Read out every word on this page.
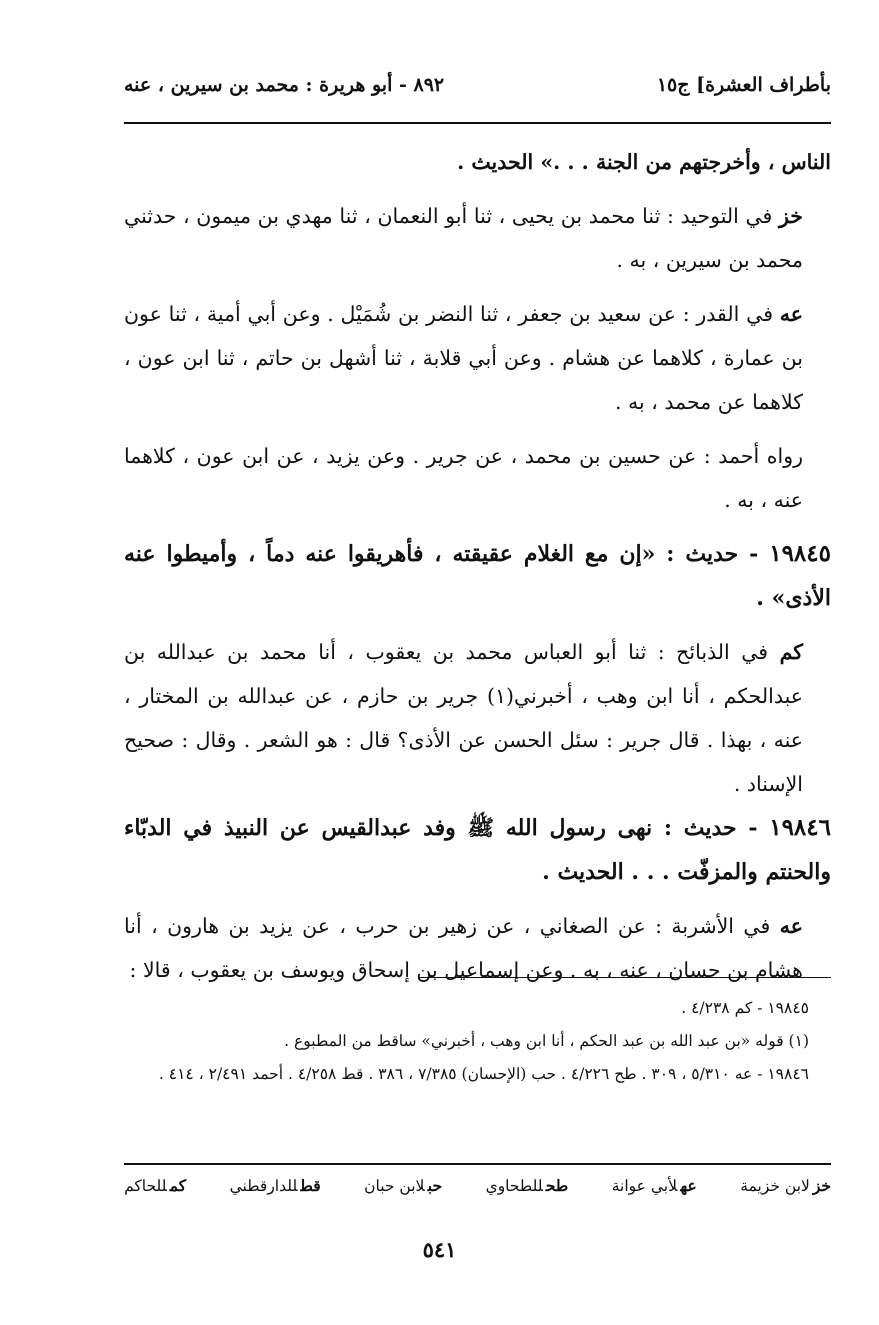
بأطراف العشرة] ج١٥
٨٩٢ - أبو هريرة : محمد بن سيرين ، عنه

الناس ، وأخرجتهم من الجنة . . .» الحديث .

خز في التوحيد : ثنا محمد بن يحيى ، ثنا أبو النعمان ، ثنا مهدي بن ميمون ، حدثني محمد بن سيرين ، به .

عه في القدر : عن سعيد بن جعفر ، ثنا النضر بن شُمَيْل . وعن أبي أمية ، ثنا عون بن عمارة ، كلاهما عن هشام . وعن أبي قلابة ، ثنا أشهل بن حاتم ، ثنا ابن عون ، كلاهما عن محمد ، به .

رواه أحمد : عن حسين بن محمد ، عن جرير . وعن يزيد ، عن ابن عون ، كلاهما عنه ، به .

١٩٨٤٥ - حديث : «إن مع الغلام عقيقته ، فأهريقوا عنه دماً ، وأميطوا عنه الأذى» .

كم في الذبائح : ثنا أبو العباس محمد بن يعقوب ، أنا محمد بن عبدالله بن عبدالحكم ، أنا ابن وهب ، أخبرني(١) جرير بن حازم ، عن عبدالله بن المختار ، عنه ، بهذا . قال جرير : سئل الحسن عن الأذى؟ قال : هو الشعر . وقال : صحيح الإسناد .

١٩٨٤٦ - حديث : نهى رسول الله ﷺ وفد عبدالقيس عن النبيذ في الدبّاء والحنتم والمزفّت . . . الحديث .

عه في الأشربة : عن الصغاني ، عن زهير بن حرب ، عن يزيد بن هارون ، أنا هشام بن حسان ، عنه ، به . وعن إسماعيل بن إسحاق ويوسف بن يعقوب ، قالا :

١٩٨٤٥ - كم ٤/٢٣٨ .

(١) قوله «بن عبد الله بن عبد الحكم ، أنا ابن وهب ، أخبرني» ساقط من المطبوع .

١٩٨٤٦ - عه ٥/٣١٠ ، ٣٠٩ . طح ٤/٢٢٦ . حب (الإحسان) ٧/٣٨٥ ، ٣٨٦ . قط ٤/٢٥٨ . أحمد ٢/٤٩١ ، ٤١٤ .

خزلابن خزيمة
عهلأبي عوانة
طحللطحاوي
حبلابن حبان
قطللدارقطني
كمللحاكم
٥٤١
